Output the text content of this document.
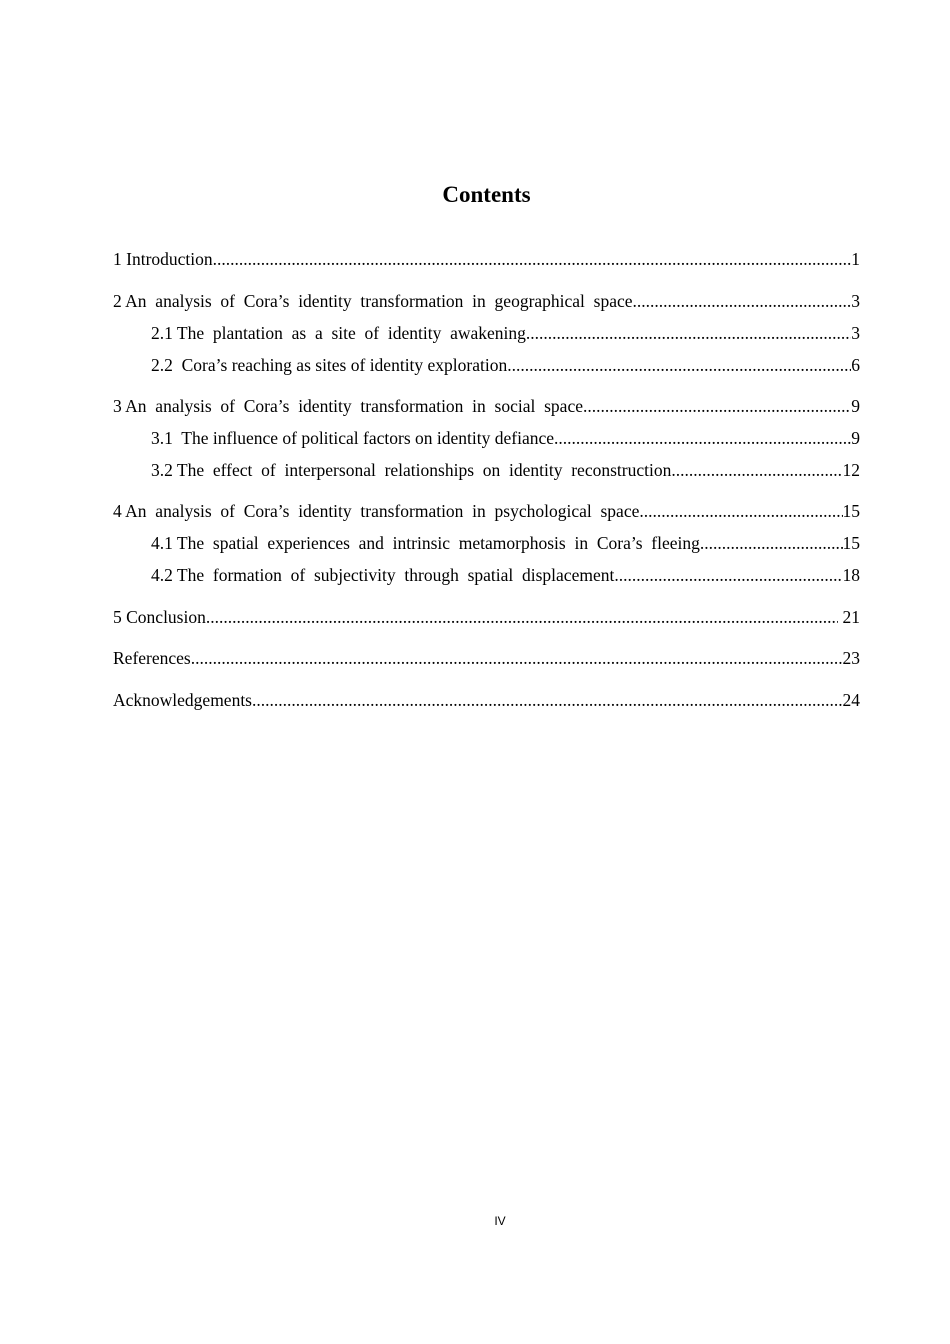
Contents
1 Introduction .....	1
2 An  analysis  of  Cora’s  identity  transformation  in  geographical  space .....	3
2.1 The  plantation  as  a  site  of  identity  awakening .....	3
2.2  Cora’s reaching as sites of identity exploration .....	6
3 An  analysis  of  Cora’s  identity  transformation  in  social  space .....	9
3.1  The influence of political factors on identity defiance .....	9
3.2 The  effect  of  interpersonal  relationships  on  identity  reconstruction .....	12
4 An  analysis  of  Cora’s  identity  transformation  in  psychological  space .....	15
4.1 The  spatial  experiences  and  intrinsic  metamorphosis  in  Cora’s  fleeing .....	15
4.2 The  formation  of  subjectivity  through  spatial  displacement .....	18
5 Conclusion .....	21
References .....	23
Acknowledgements .....	24
IV
